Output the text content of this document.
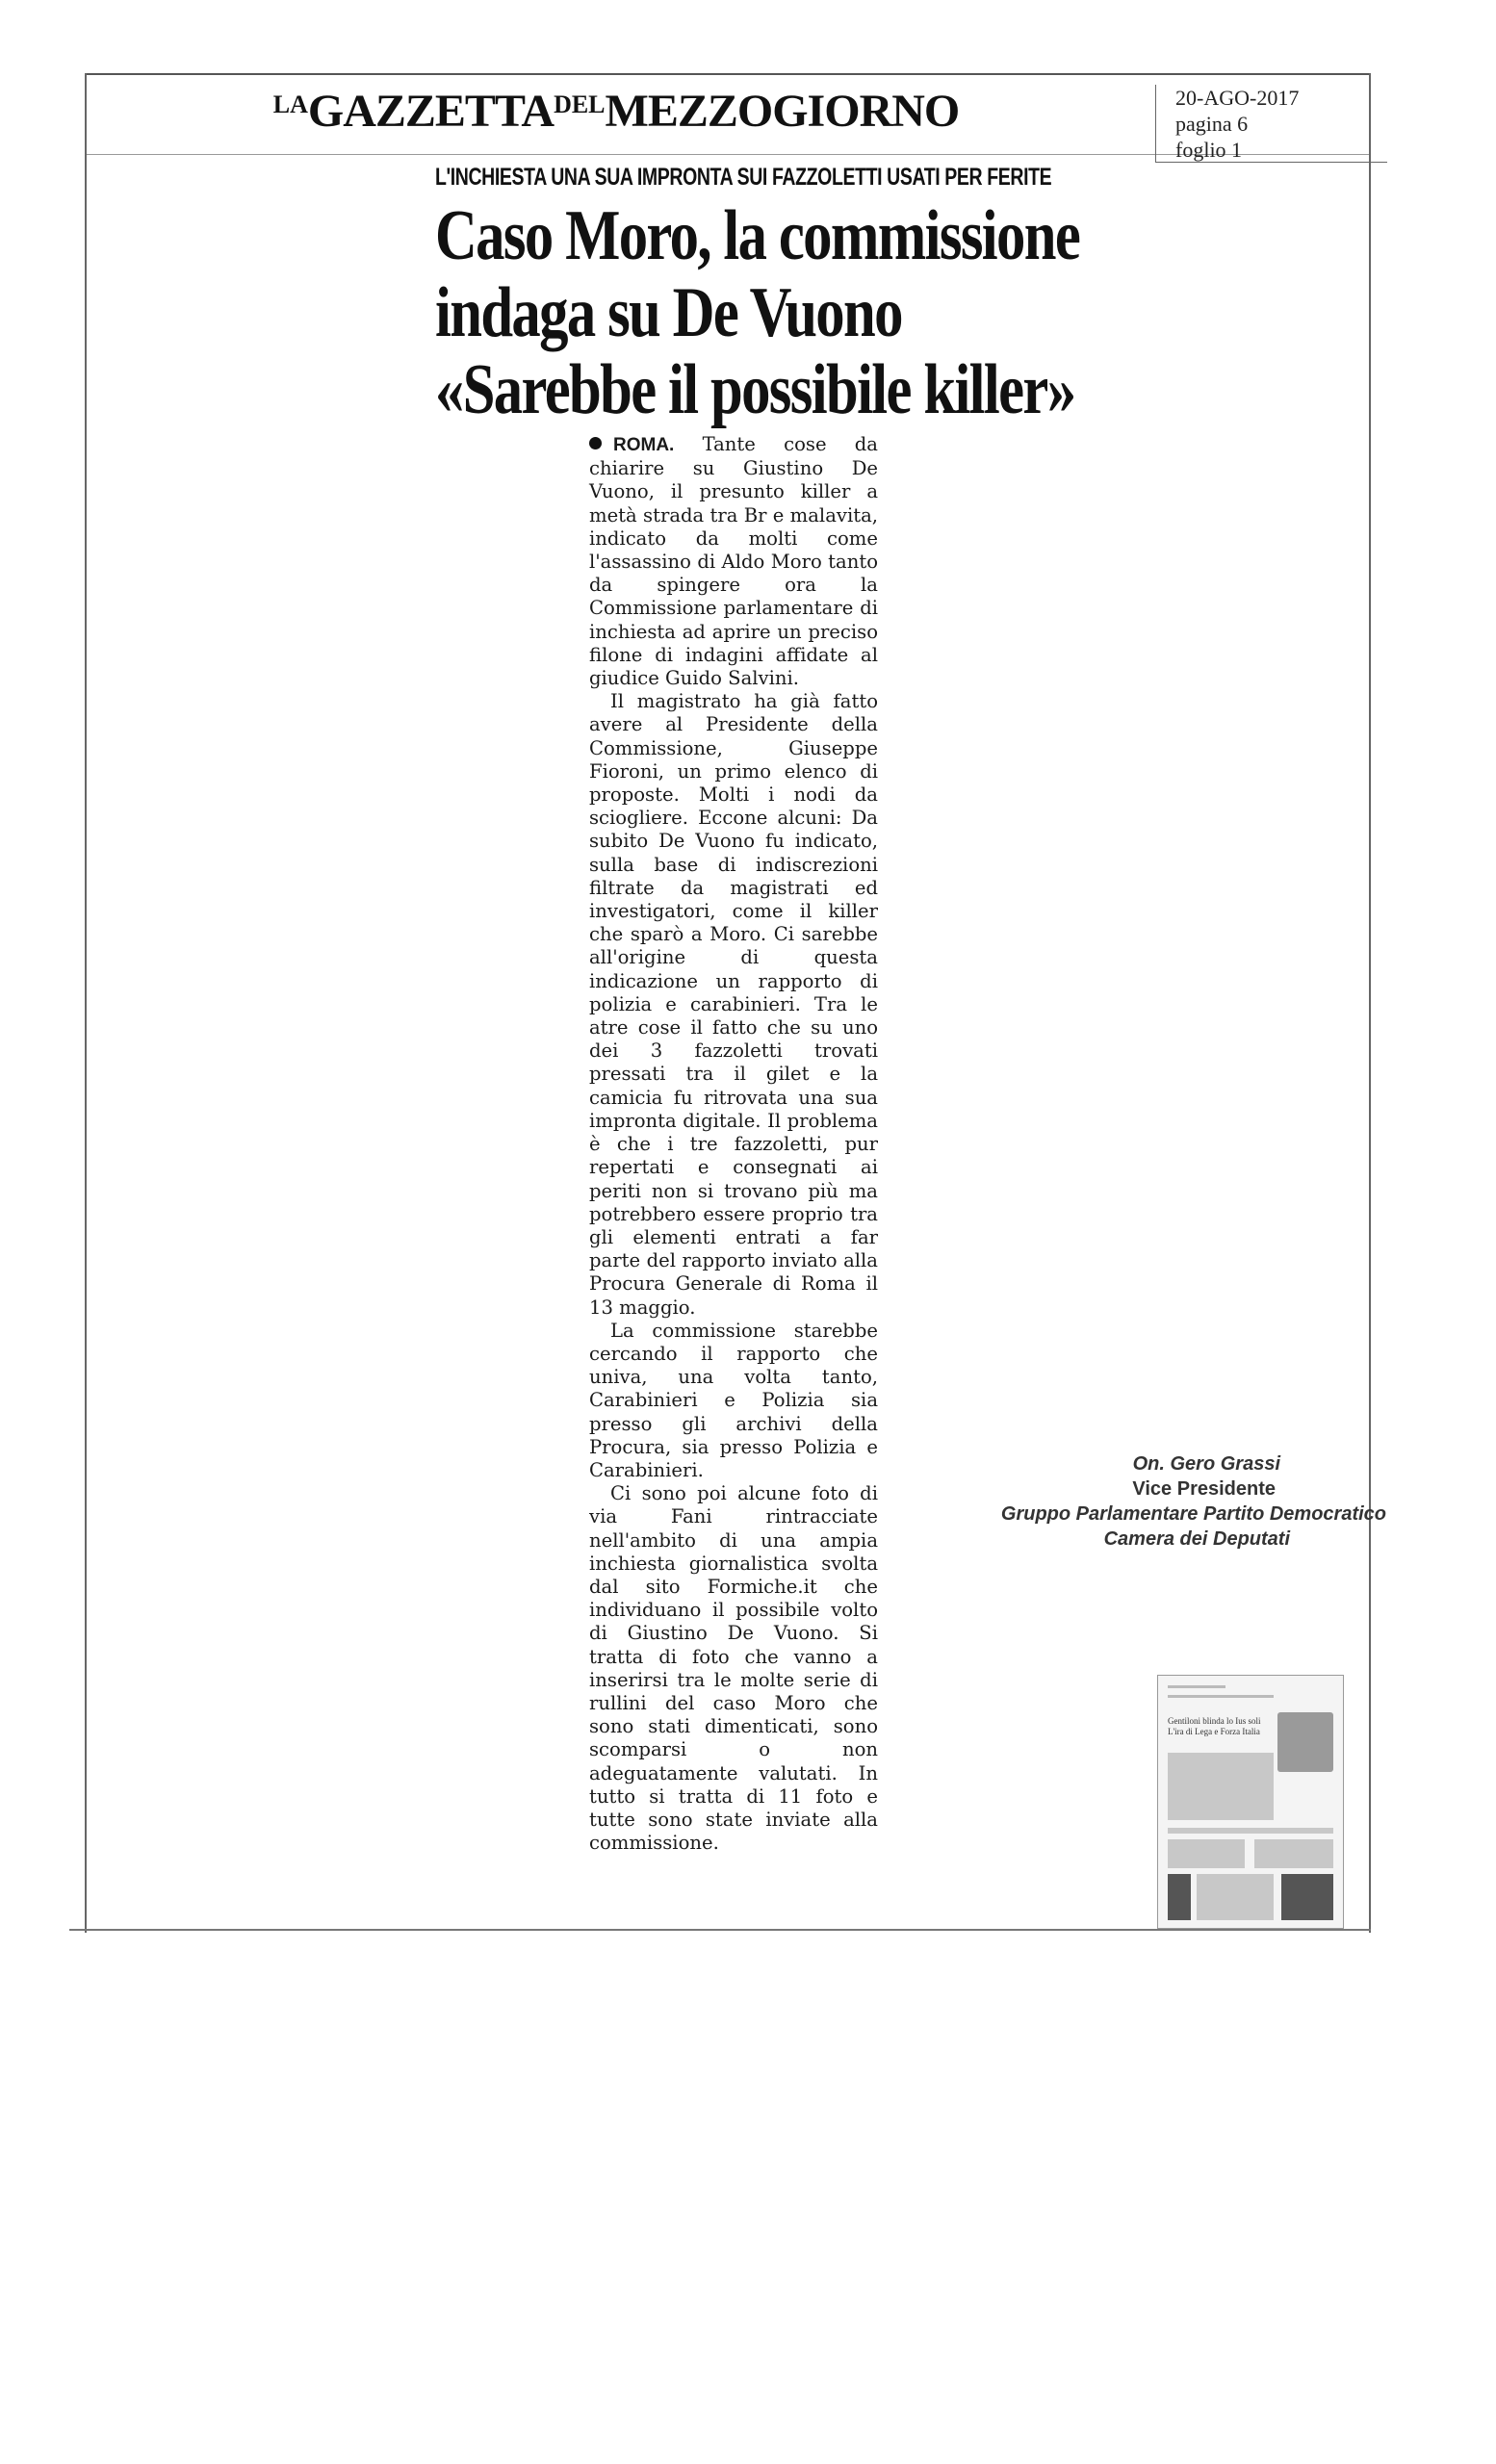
$^{LA}GAZZETTA^{DEL}MEZZOGIORNO$	20-AGO-2017
pagina 6
foglio 1
L'INCHIESTA UNA SUA IMPRONTA SUI FAZZOLETTI USATI PER FERITE
Caso Moro, la commissione
indaga su De Vuono
«Sarebbe il possibile killer»

ROMA. Tante cose da chiarire su Giustino De Vuono, il presunto killer a metà strada tra Br e malavita, indicato da molti come l'assassino di Aldo Moro tanto da spingere ora la Commissione parlamentare di inchiesta ad aprire un preciso filone di indagini affidate al giudice Guido Salvini.

Il magistrato ha già fatto avere al Presidente della Commissione, Giuseppe Fioroni, un primo elenco di proposte. Molti i nodi da sciogliere. Eccone alcuni: Da subito De Vuono fu indicato, sulla base di indiscrezioni filtrate da magistrati ed investigatori, come il killer che sparò a Moro. Ci sarebbe all'origine di questa indicazione un rapporto di polizia e carabinieri. Tra le atre cose il fatto che su uno dei 3 fazzoletti trovati pressati tra il gilet e la camicia fu ritrovata una sua impronta digitale. Il problema è che i tre fazzoletti, pur repertati e consegnati ai periti non si trovano più ma potrebbero essere proprio tra gli elementi entrati a far parte del rapporto inviato alla Procura Generale di Roma il 13 maggio.

La commissione starebbe cercando il rapporto che univa, una volta tanto, Carabinieri e Polizia sia presso gli archivi della Procura, sia presso Polizia e Carabinieri.

Ci sono poi alcune foto di via Fani rintracciate nell'ambito di una ampia inchiesta giornalistica svolta dal sito Formiche.it che individuano il possibile volto di Giustino De Vuono. Si tratta di foto che vanno a inserirsi tra le molte serie di rullini del caso Moro che sono stati dimenticati, sono scomparsi o non adeguatamente valutati. In tutto si tratta di 11 foto e tutte sono state inviate alla commissione.

On. Gero Grassi
Vice Presidente
Gruppo Parlamentare Partito Democratico
Camera dei Deputati
Gentiloni blinda lo Ius soli L'ira di Lega e Forza Italia
